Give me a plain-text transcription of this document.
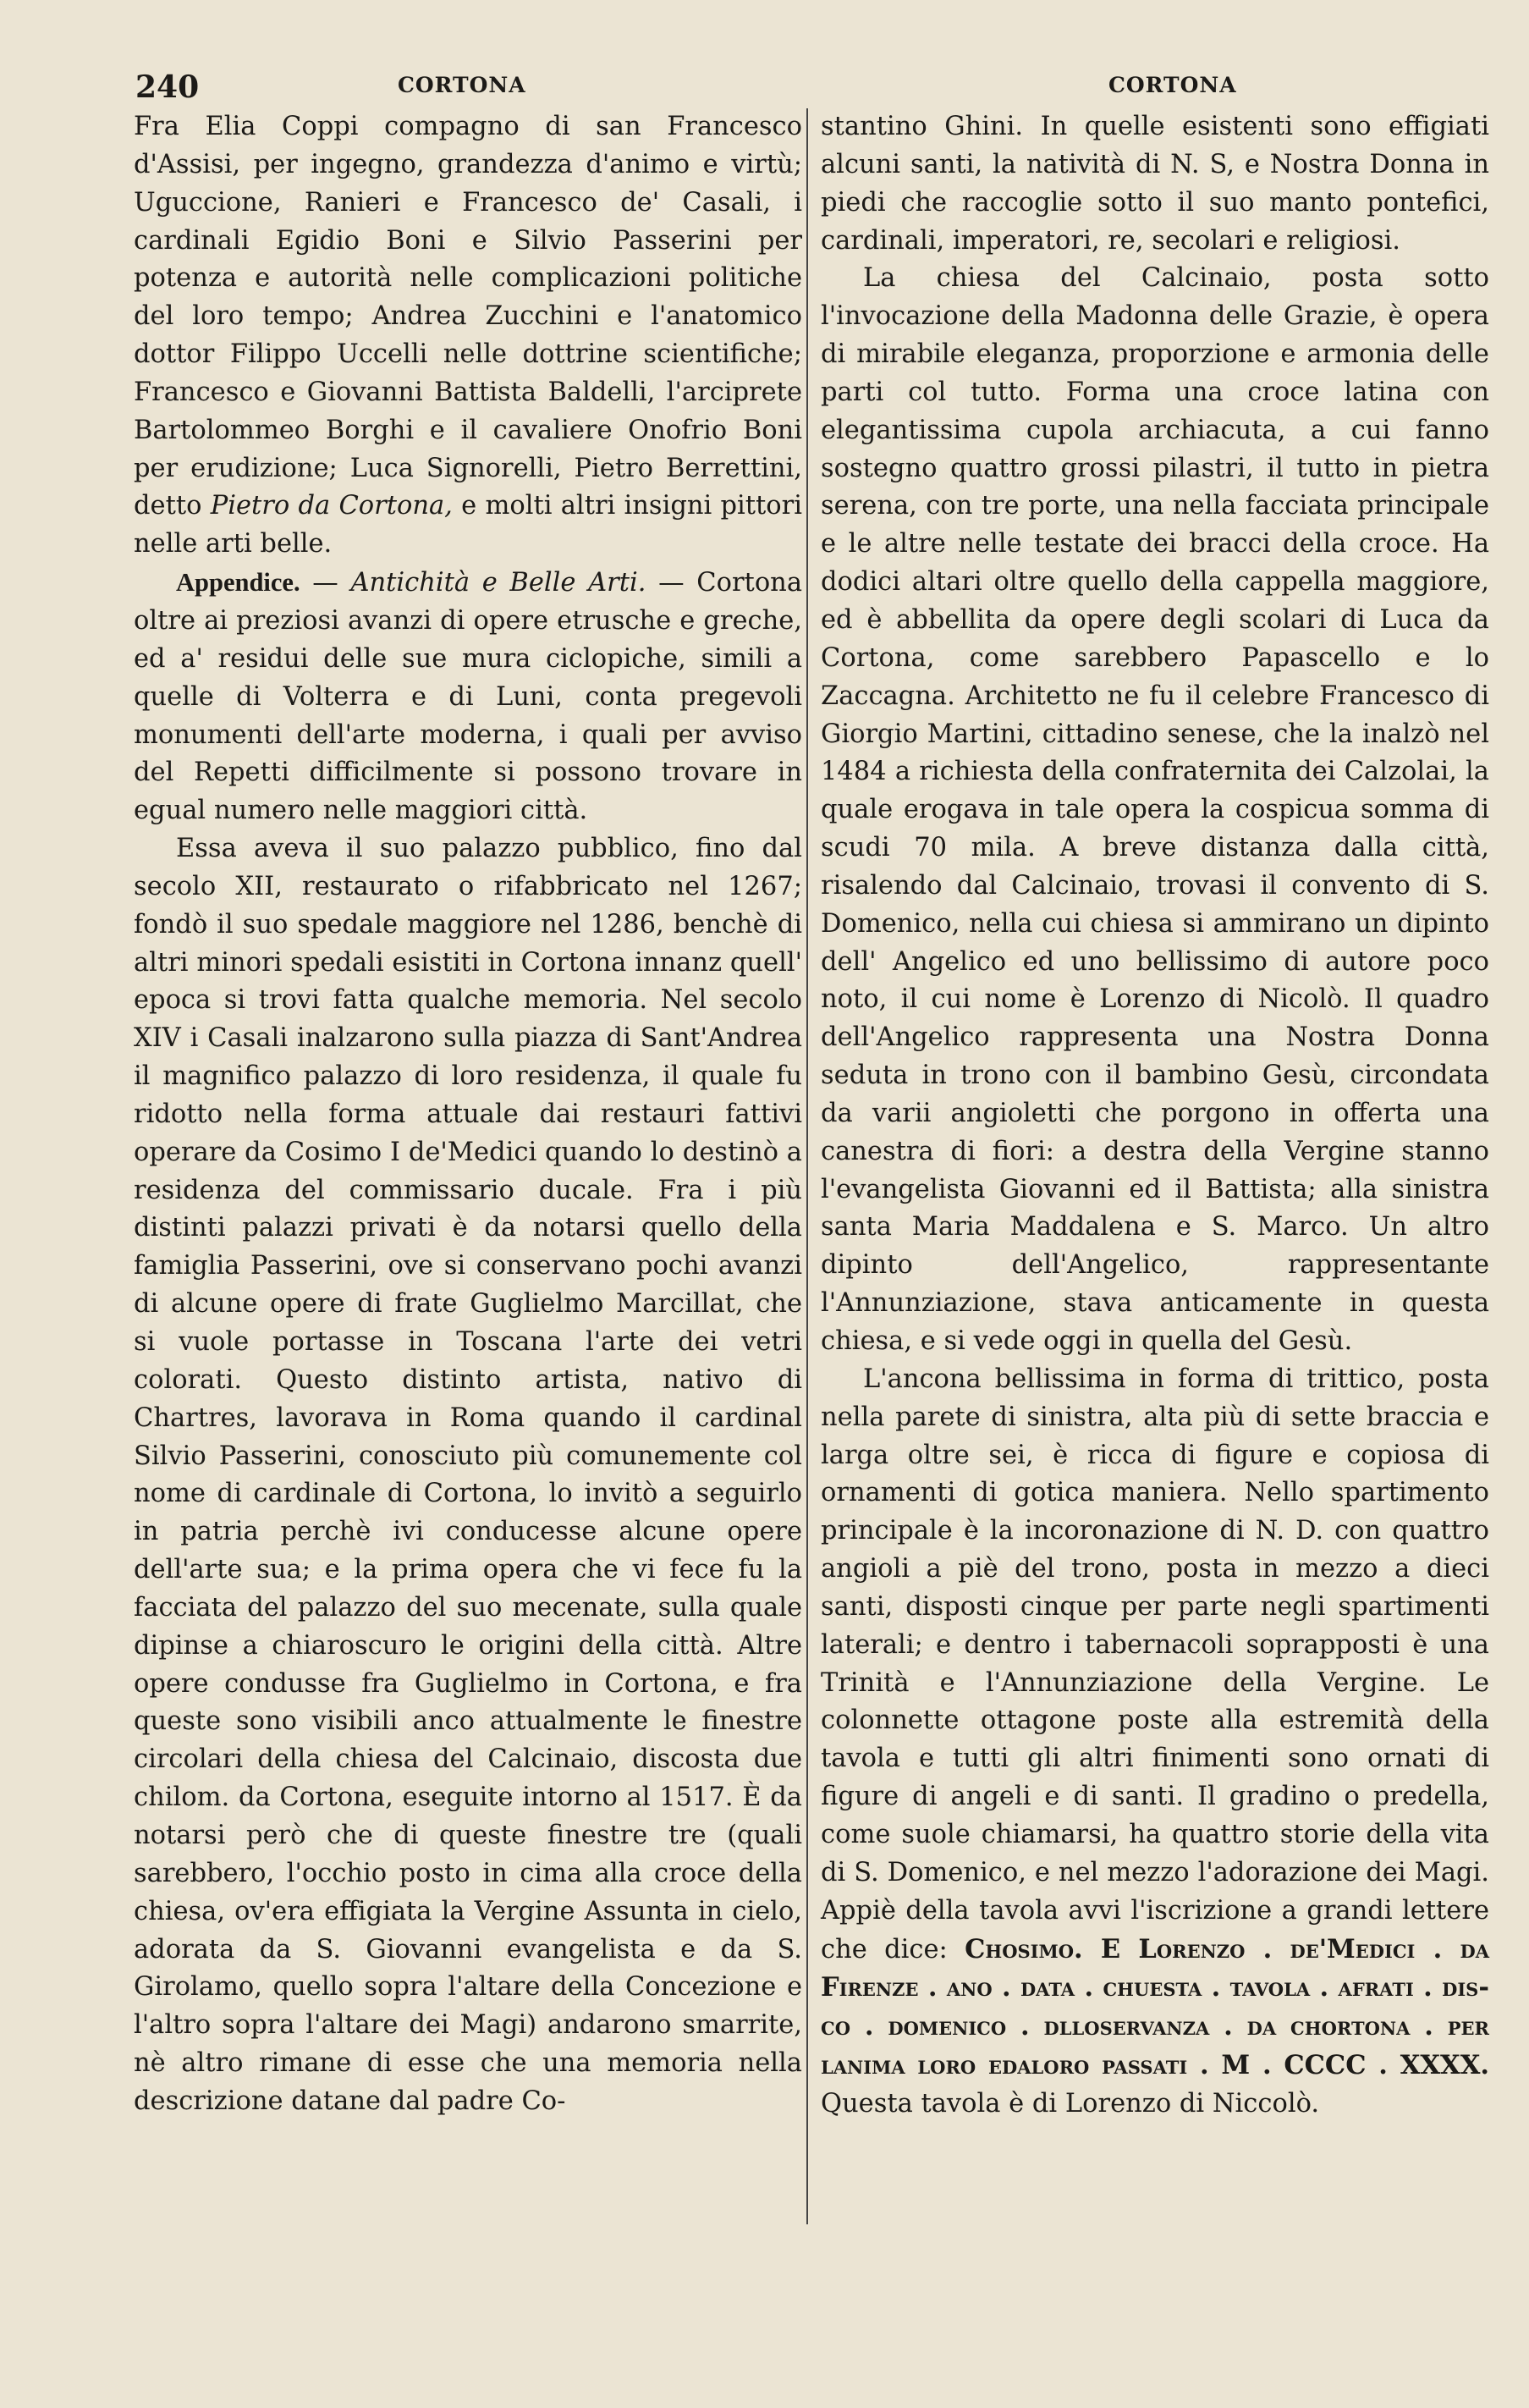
240	CORTONA	CORTONA

Fra Elia Coppi compagno di san Francesco d'Assisi, per ingegno, grandezza d'animo e virtù; Uguccione, Ranieri e Francesco de' Casali, i cardinali Egidio Boni e Silvio Passerini per potenza e autorità nelle complicazioni politiche del loro tempo; Andrea Zucchini e l'anatomico dottor Filippo Uccelli nelle dottrine scientifiche; Francesco e Giovanni Battista Baldelli, l'arciprete Bartolommeo Borghi e il cavaliere Onofrio Boni per erudizione; Luca Signorelli, Pietro Berrettini, detto Pietro da Cortona, e molti altri insigni pittori nelle arti belle.

Appendice. — Antichità e Belle Arti. — Cortona oltre ai preziosi avanzi di opere etrusche e greche, ed a' residui delle sue mura ciclopiche, simili a quelle di Volterra e di Luni, conta pregevoli monumenti dell'arte moderna, i quali per avviso del Repetti difficilmente si possono trovare in egual numero nelle maggiori città.

Essa aveva il suo palazzo pubblico, fino dal secolo XII, restaurato o rifabbricato nel 1267; fondò il suo spedale maggiore nel 1286, benchè di altri minori spedali esistiti in Cortona innanz quell' epoca si trovi fatta qualche memoria. Nel secolo XIV i Casali inalzarono sulla piazza di Sant'Andrea il magnifico palazzo di loro residenza, il quale fu ridotto nella forma attuale dai restauri fattivi operare da Cosimo I de'Medici quando lo destinò a residenza del commissario ducale. Fra i più distinti palazzi privati è da notarsi quello della famiglia Passerini, ove si conservano pochi avanzi di alcune opere di frate Guglielmo Marcillat, che si vuole portasse in Toscana l'arte dei vetri colorati. Questo distinto artista, nativo di Chartres, lavorava in Roma quando il cardinal Silvio Passerini, conosciuto più comunemente col nome di cardinale di Cortona, lo invitò a seguirlo in patria perchè ivi conducesse alcune opere dell'arte sua; e la prima opera che vi fece fu la facciata del palazzo del suo mecenate, sulla quale dipinse a chiaroscuro le origini della città. Altre opere condusse fra Guglielmo in Cortona, e fra queste sono visibili anco attualmente le finestre circolari della chiesa del Calcinaio, discosta due chilom. da Cortona, eseguite intorno al 1517. È da notarsi però che di queste finestre tre (quali sarebbero, l'occhio posto in cima alla croce della chiesa, ov'era effigiata la Vergine Assunta in cielo, adorata da S. Giovanni evangelista e da S. Girolamo, quello sopra l'altare della Concezione e l'altro sopra l'altare dei Magi) andarono smarrite, nè altro rimane di esse che una memoria nella descrizione datane dal padre Co-

stantino Ghini. In quelle esistenti sono effigiati alcuni santi, la natività di N. S, e Nostra Donna in piedi che raccoglie sotto il suo manto pontefici, cardinali, imperatori, re, secolari e religiosi.

La chiesa del Calcinaio, posta sotto l'invocazione della Madonna delle Grazie, è opera di mirabile eleganza, proporzione e armonia delle parti col tutto. Forma una croce latina con elegantissima cupola archiacuta, a cui fanno sostegno quattro grossi pilastri, il tutto in pietra serena, con tre porte, una nella facciata principale e le altre nelle testate dei bracci della croce. Ha dodici altari oltre quello della cappella maggiore, ed è abbellita da opere degli scolari di Luca da Cortona, come sarebbero Papascello e lo Zaccagna. Architetto ne fu il celebre Francesco di Giorgio Martini, cittadino senese, che la inalzò nel 1484 a richiesta della confraternita dei Calzolai, la quale erogava in tale opera la cospicua somma di scudi 70 mila. A breve distanza dalla città, risalendo dal Calcinaio, trovasi il convento di S. Domenico, nella cui chiesa si ammirano un dipinto dell' Angelico ed uno bellissimo di autore poco noto, il cui nome è Lorenzo di Nicolò. Il quadro dell'Angelico rappresenta una Nostra Donna seduta in trono con il bambino Gesù, circondata da varii angioletti che porgono in offerta una canestra di fiori: a destra della Vergine stanno l'evangelista Giovanni ed il Battista; alla sinistra santa Maria Maddalena e S. Marco. Un altro dipinto dell'Angelico, rappresentante l'Annunziazione, stava anticamente in questa chiesa, e si vede oggi in quella del Gesù.

L'ancona bellissima in forma di trittico, posta nella parete di sinistra, alta più di sette braccia e larga oltre sei, è ricca di figure e copiosa di ornamenti di gotica maniera. Nello spartimento principale è la incoronazione di N. D. con quattro angioli a piè del trono, posta in mezzo a dieci santi, disposti cinque per parte negli spartimenti laterali; e dentro i tabernacoli soprapposti è una Trinità e l'Annunziazione della Vergine. Le colonnette ottagone poste alla estremità della tavola e tutti gli altri finimenti sono ornati di figure di angeli e di santi. Il gradino o predella, come suole chiamarsi, ha quattro storie della vita di S. Domenico, e nel mezzo l'adorazione dei Magi. Appiè della tavola avvi l'iscrizione a grandi lettere che dice: Chosimo. E Lorenzo . de'Medici . da Firenze . ano . data . chuesta . tavola . afrati . dis-co . domenico . dlloservanza . da chortona . per lanima loro edaloro passati . M . CCCC . XXXX. Questa tavola è di Lorenzo di Niccolò.
